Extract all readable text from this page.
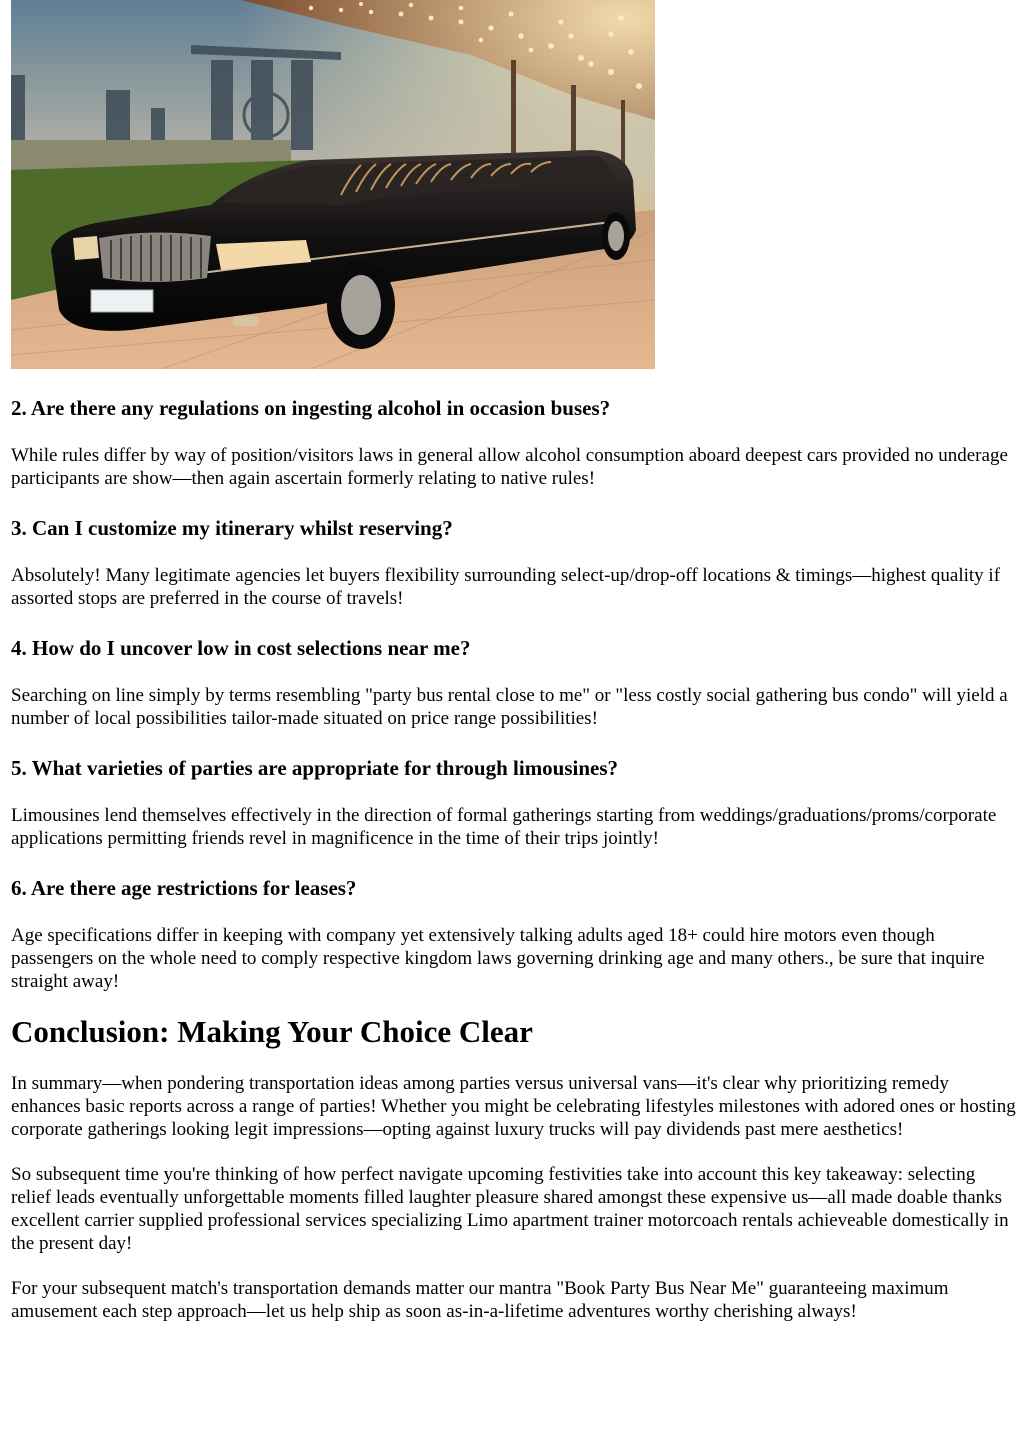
2. Are there any regulations on ingesting alcohol in occasion buses?

While rules differ by way of position/visitors laws in general allow alcohol consumption aboard deepest cars provided no underage participants are show—then again ascertain formerly relating to native rules!

3. Can I customize my itinerary whilst reserving?

Absolutely! Many legitimate agencies let buyers flexibility surrounding select-up/drop-off locations & timings—highest quality if assorted stops are preferred in the course of travels!

4. How do I uncover low in cost selections near me?

Searching on line simply by terms resembling "party bus rental close to me" or "less costly social gathering bus condo" will yield a number of local possibilities tailor-made situated on price range possibilities!

5. What varieties of parties are appropriate for through limousines?

Limousines lend themselves effectively in the direction of formal gatherings starting from weddings/graduations/proms/corporate applications permitting friends revel in magnificence in the time of their trips jointly!

6. Are there age restrictions for leases?

Age specifications differ in keeping with company yet extensively talking adults aged 18+ could hire motors even though passengers on the whole need to comply respective kingdom laws governing drinking age and many others., be sure that inquire straight away!

Conclusion: Making Your Choice Clear

In summary—when pondering transportation ideas among parties versus universal vans—it's clear why prioritizing remedy enhances basic reports across a range of parties! Whether you might be celebrating lifestyles milestones with adored ones or hosting corporate gatherings looking legit impressions—opting against luxury trucks will pay dividends past mere aesthetics!

So subsequent time you're thinking of how perfect navigate upcoming festivities take into account this key takeaway: selecting relief leads eventually unforgettable moments filled laughter pleasure shared amongst these expensive us—all made doable thanks excellent carrier supplied professional services specializing Limo apartment trainer motorcoach rentals achieveable domestically in the present day!

For your subsequent match's transportation demands matter our mantra "Book Party Bus Near Me" guaranteeing maximum amusement each step approach—let us help ship as soon as-in-a-lifetime adventures worthy cherishing always!
